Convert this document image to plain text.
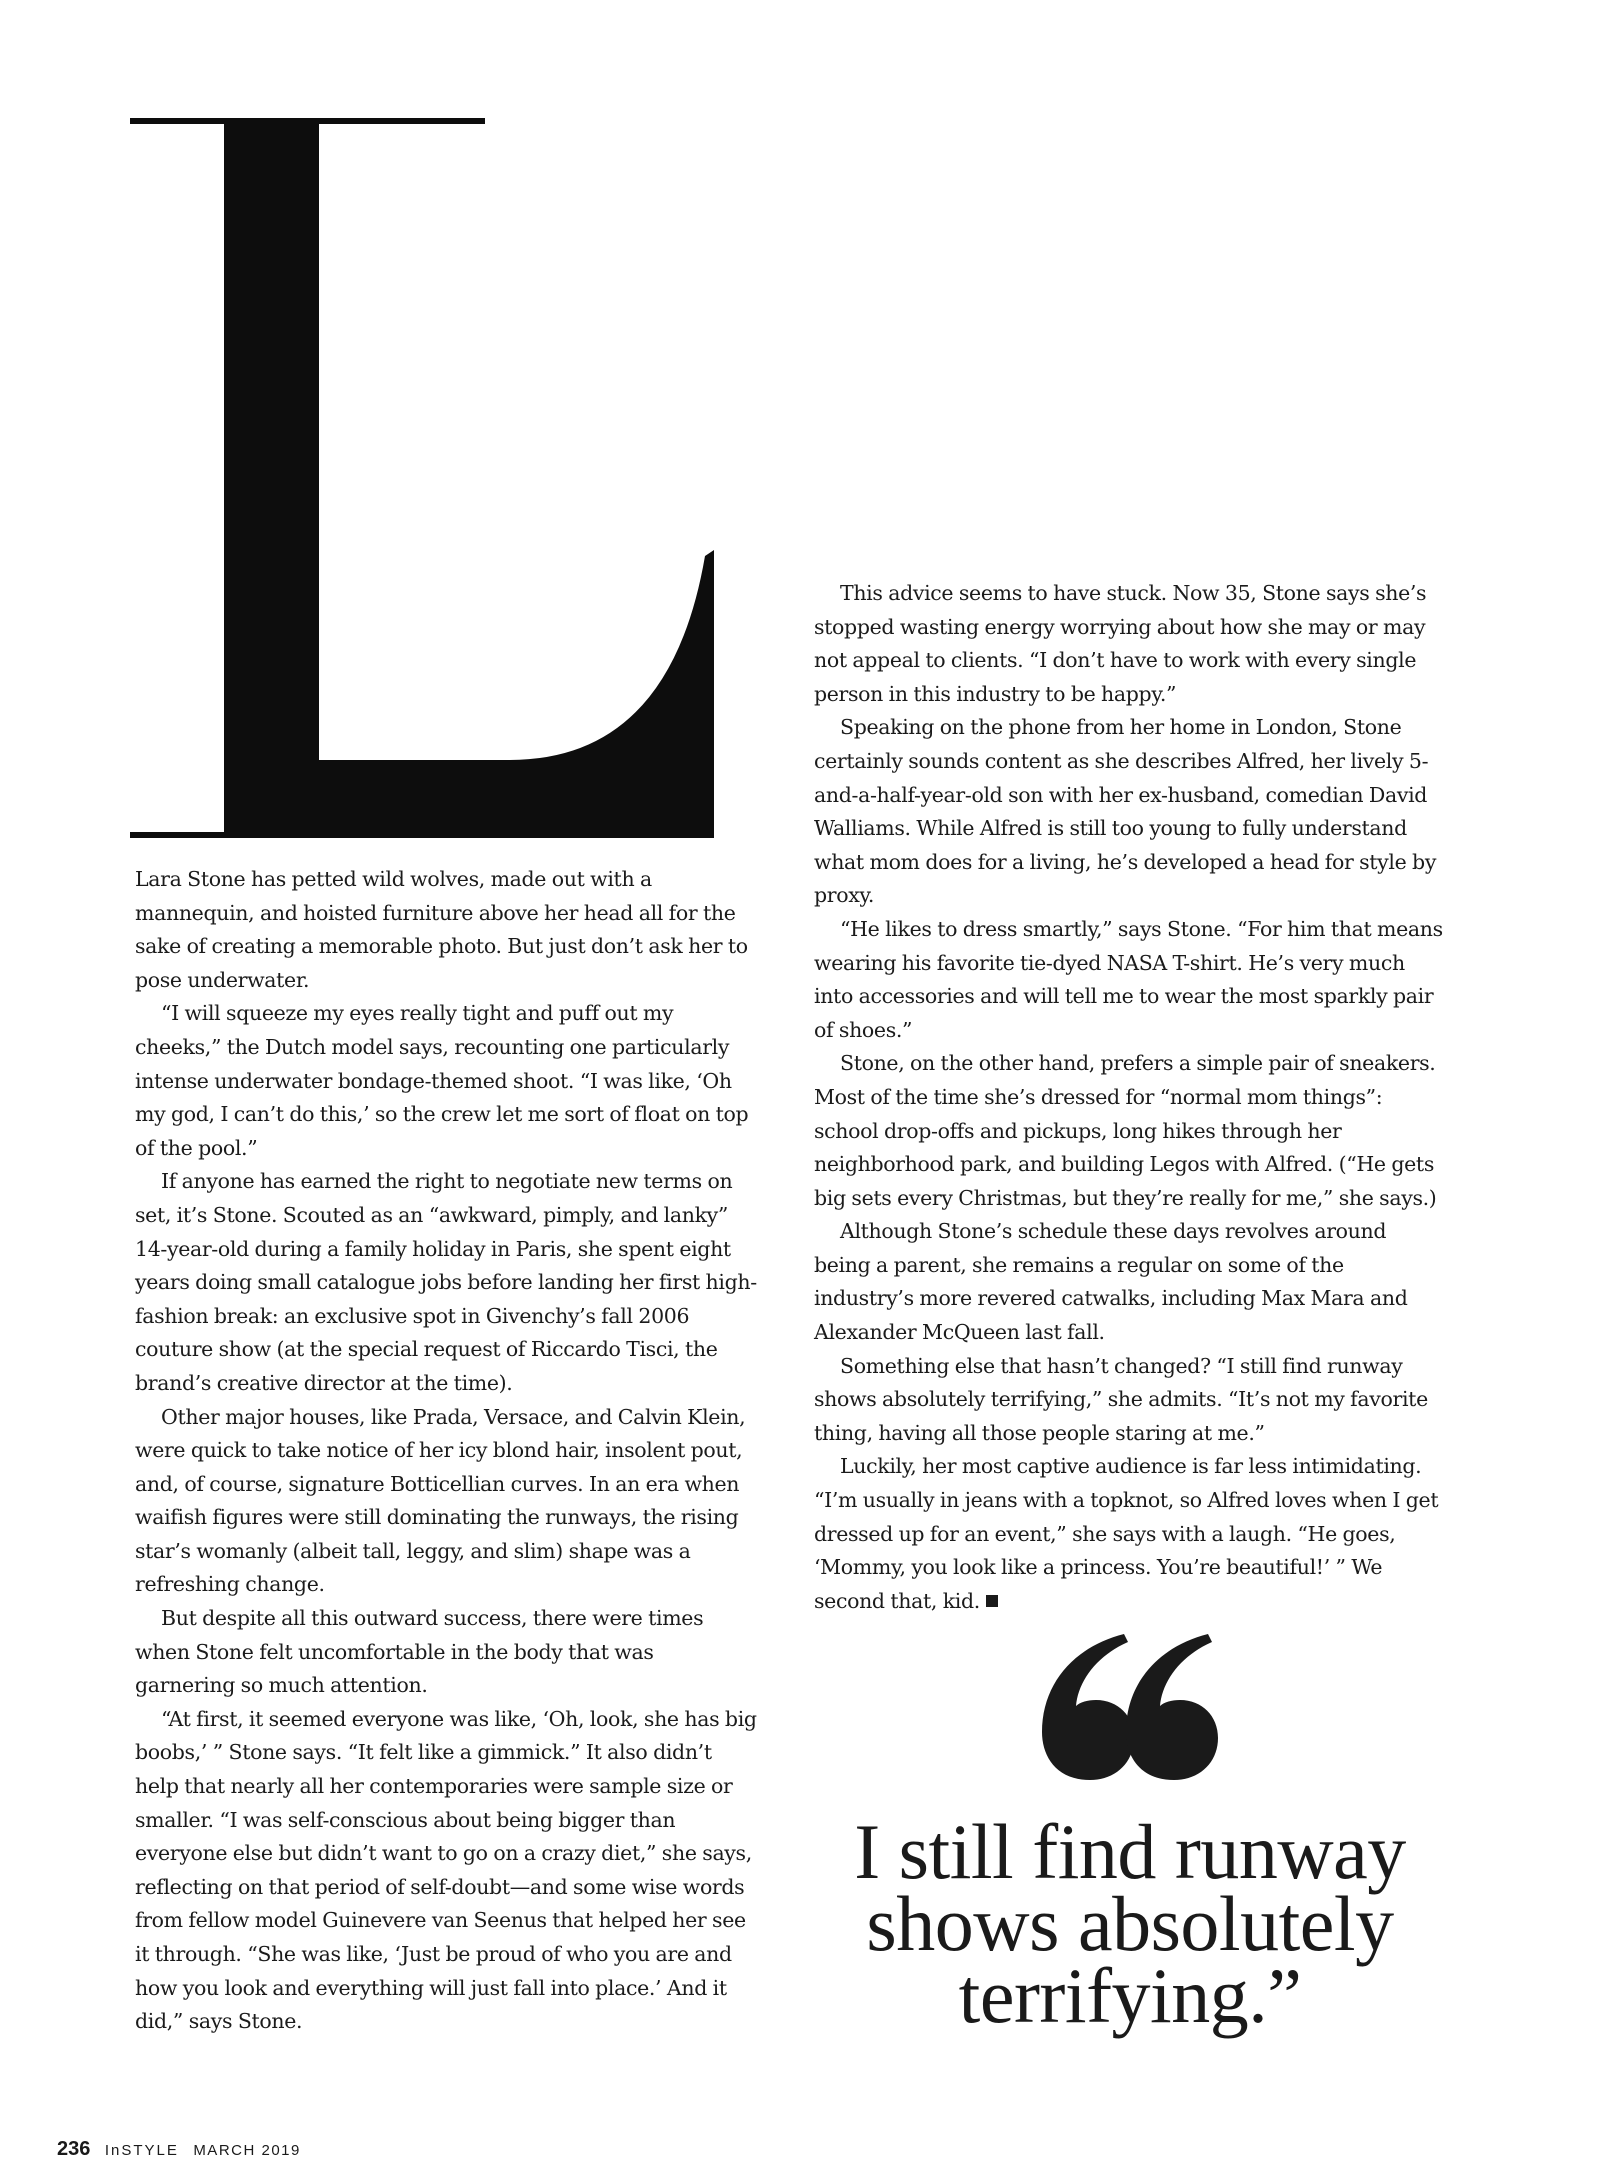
Lara Stone has petted wild wolves, made out with a mannequin, and hoisted furniture above her head all for the sake of creating a memorable photo. But just don’t ask her to pose underwater.

“I will squeeze my eyes really tight and puff out my cheeks,” the Dutch model says, recounting one particularly intense underwater bondage-themed shoot. “I was like, ‘Oh my god, I can’t do this,’ so the crew let me sort of float on top of the pool.”

If anyone has earned the right to negotiate new terms on set, it’s Stone. Scouted as an “awkward, pimply, and lanky” 14-year-old during a family holiday in Paris, she spent eight years doing small catalogue jobs before landing her first high-fashion break: an exclusive spot in Givenchy’s fall 2006 couture show (at the special request of Riccardo Tisci, the brand’s creative director at the time).

Other major houses, like Prada, Versace, and Calvin Klein, were quick to take notice of her icy blond hair, insolent pout, and, of course, signature Botticellian curves. In an era when waifish figures were still dominating the runways, the rising star’s womanly (albeit tall, leggy, and slim) shape was a refreshing change.

But despite all this outward success, there were times when Stone felt uncomfortable in the body that was garnering so much attention.

“At first, it seemed everyone was like, ‘Oh, look, she has big boobs,’ ” Stone says. “It felt like a gimmick.” It also didn’t help that nearly all her contemporaries were sample size or smaller. “I was self-conscious about being bigger than everyone else but didn’t want to go on a crazy diet,” she says, reflecting on that period of self-doubt—and some wise words from fellow model Guinevere van Seenus that helped her see it through. “She was like, ‘Just be proud of who you are and how you look and everything will just fall into place.’ And it did,” says Stone.

This advice seems to have stuck. Now 35, Stone says she’s stopped wasting energy worrying about how she may or may not appeal to clients. “I don’t have to work with every single person in this industry to be happy.”

Speaking on the phone from her home in London, Stone certainly sounds content as she describes Alfred, her lively 5-and-a-half-year-old son with her ex-husband, comedian David Walliams. While Alfred is still too young to fully understand what mom does for a living, he’s developed a head for style by proxy.

“He likes to dress smartly,” says Stone. “For him that means wearing his favorite tie-dyed NASA T-shirt. He’s very much into accessories and will tell me to wear the most sparkly pair of shoes.”

Stone, on the other hand, prefers a simple pair of sneakers. Most of the time she’s dressed for “normal mom things”: school drop-offs and pickups, long hikes through her neighborhood park, and building Legos with Alfred. (“He gets big sets every Christmas, but they’re really for me,” she says.)

Although Stone’s schedule these days revolves around being a parent, she remains a regular on some of the industry’s more revered catwalks, including Max Mara and Alexander McQueen last fall.

Something else that hasn’t changed? “I still find runway shows absolutely terrifying,” she admits. “It’s not my favorite thing, having all those people staring at me.”

Luckily, her most captive audience is far less intimidating. “I’m usually in jeans with a topknot, so Alfred loves when I get dressed up for an event,” she says with a laugh. “He goes, ‘Mommy, you look like a princess. You’re beautiful!’ ” We second that, kid.

I still find runway
shows absolutely
terrifying.”
236 InSTYLE MARCH 2019
